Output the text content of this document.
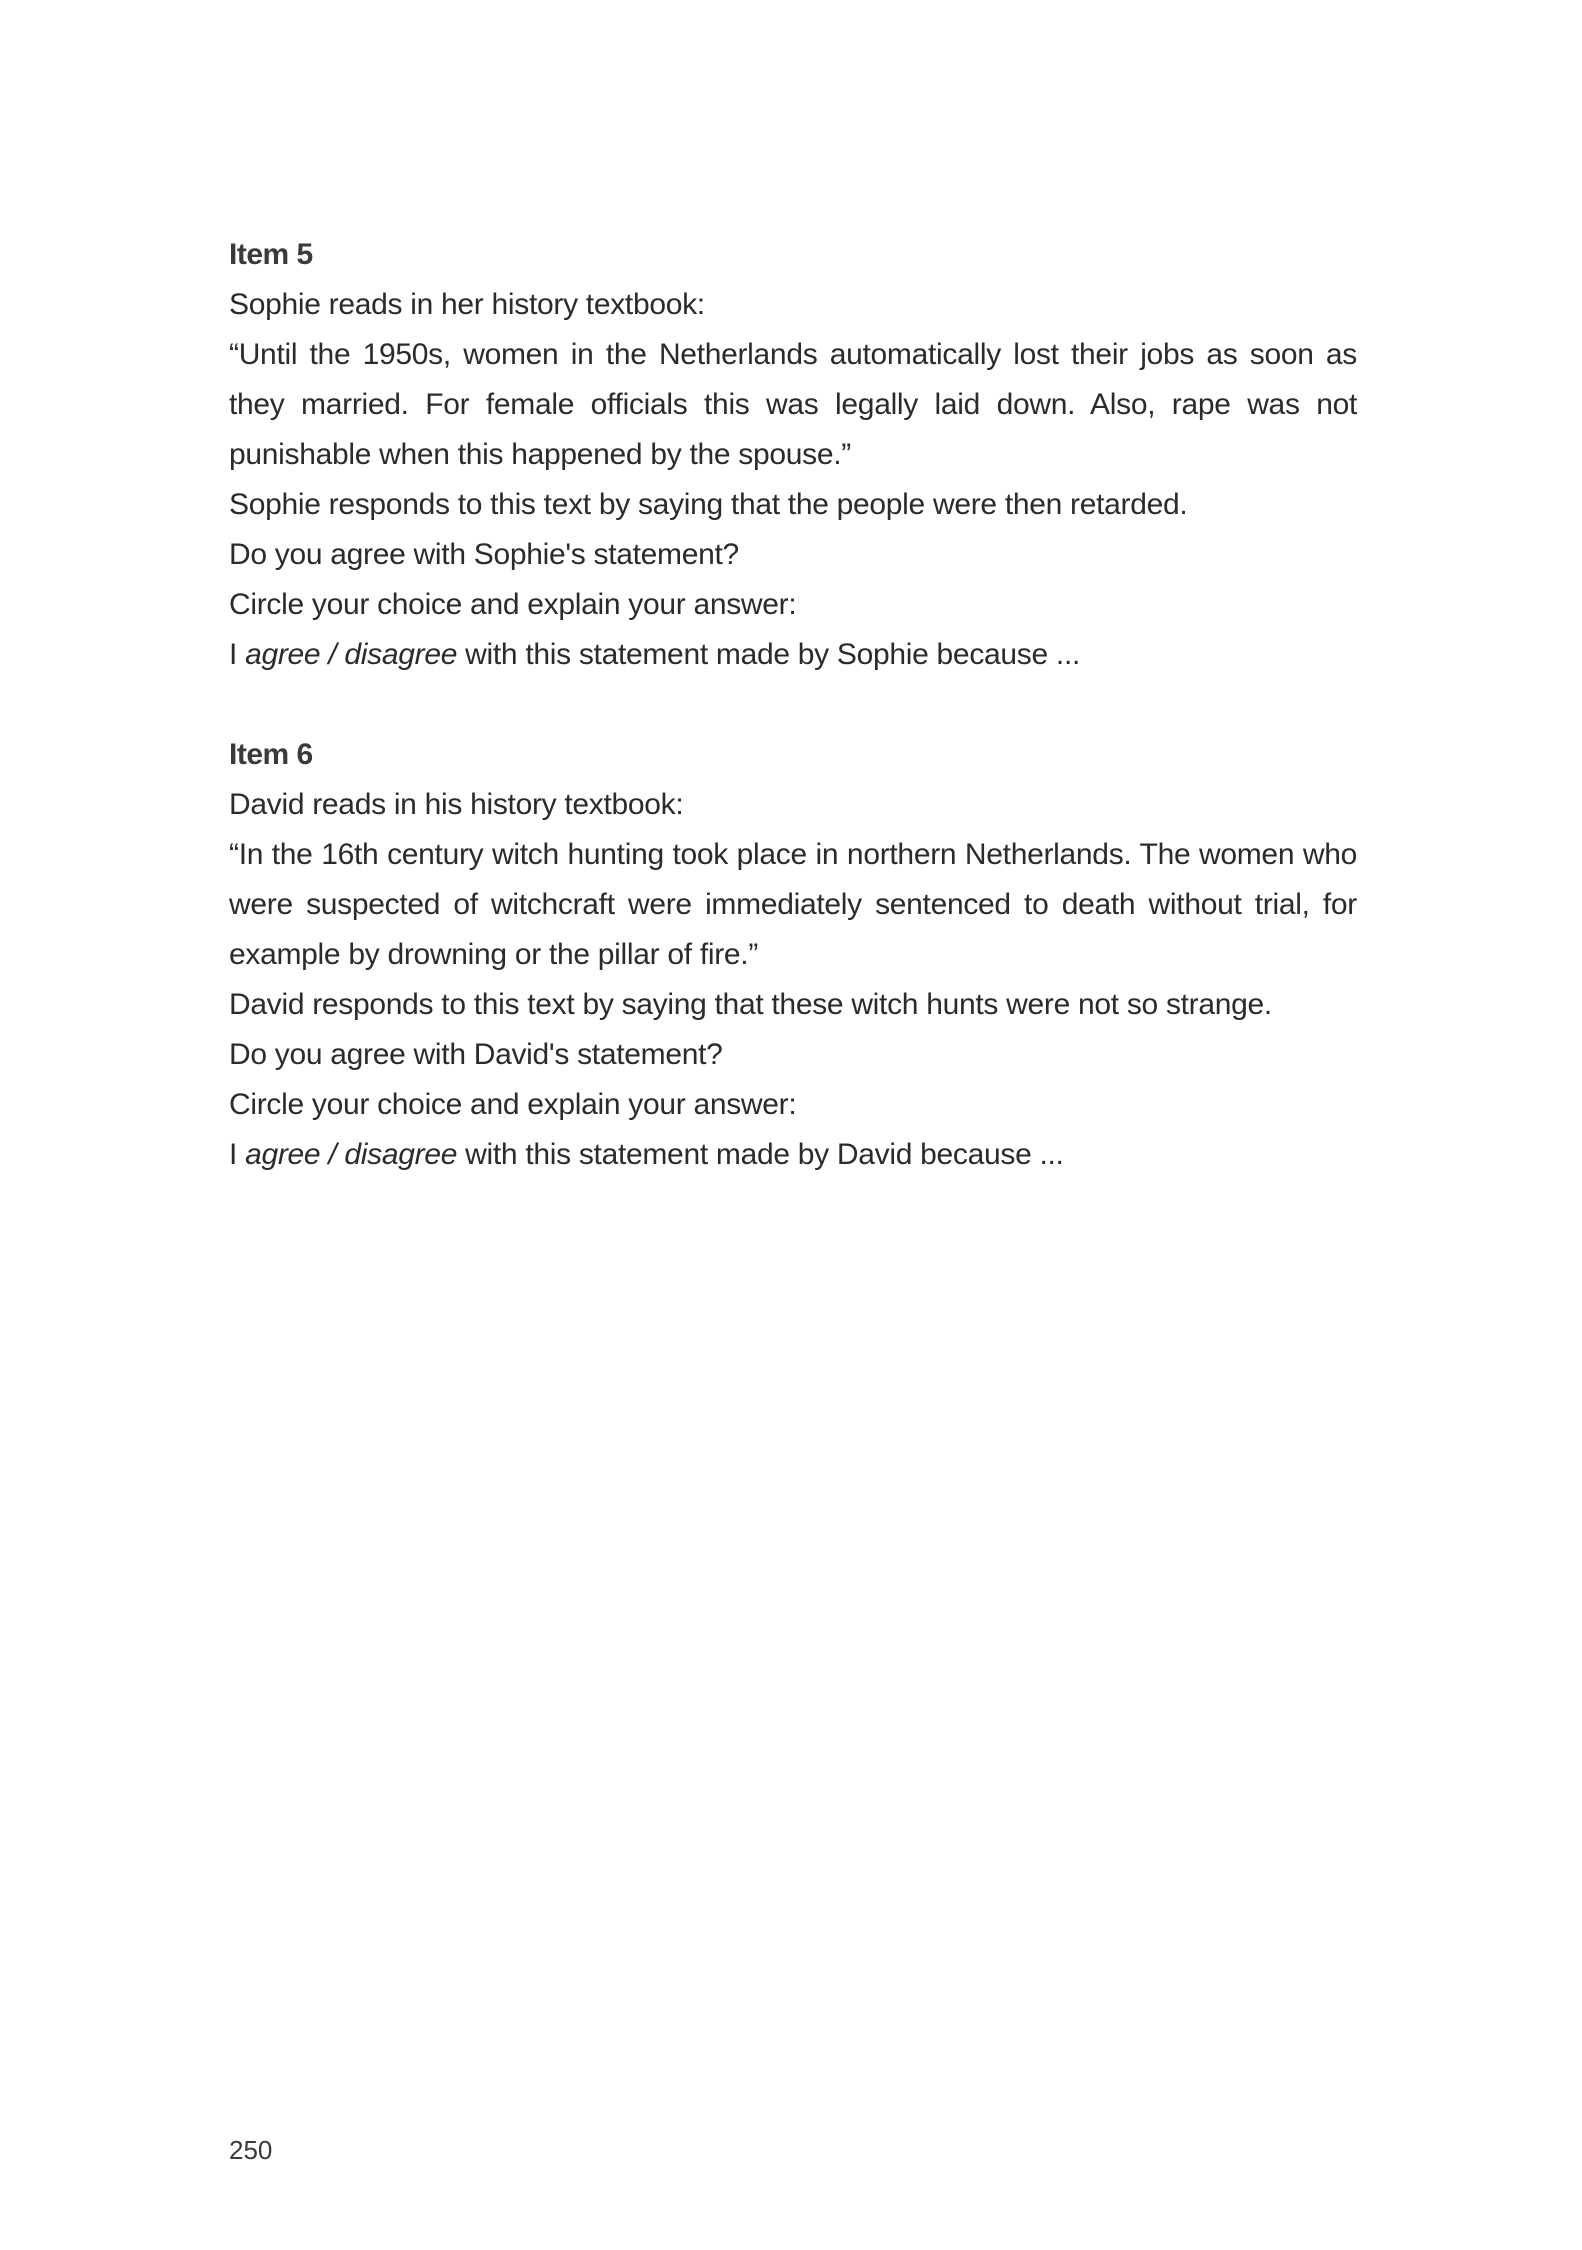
Item 5
Sophie reads in her history textbook:
“Until the 1950s, women in the Netherlands automatically lost their jobs as soon as they married. For female officials this was legally laid down. Also, rape was not punishable when this happened by the spouse.”
Sophie responds to this text by saying that the people were then retarded.
Do you agree with Sophie's statement?
Circle your choice and explain your answer:
I agree / disagree with this statement made by Sophie because ...
Item 6
David reads in his history textbook:
“In the 16th century witch hunting took place in northern Netherlands. The women who were suspected of witchcraft were immediately sentenced to death without trial, for example by drowning or the pillar of fire.”
David responds to this text by saying that these witch hunts were not so strange.
Do you agree with David's statement?
Circle your choice and explain your answer:
I agree / disagree with this statement made by David because ...
250
